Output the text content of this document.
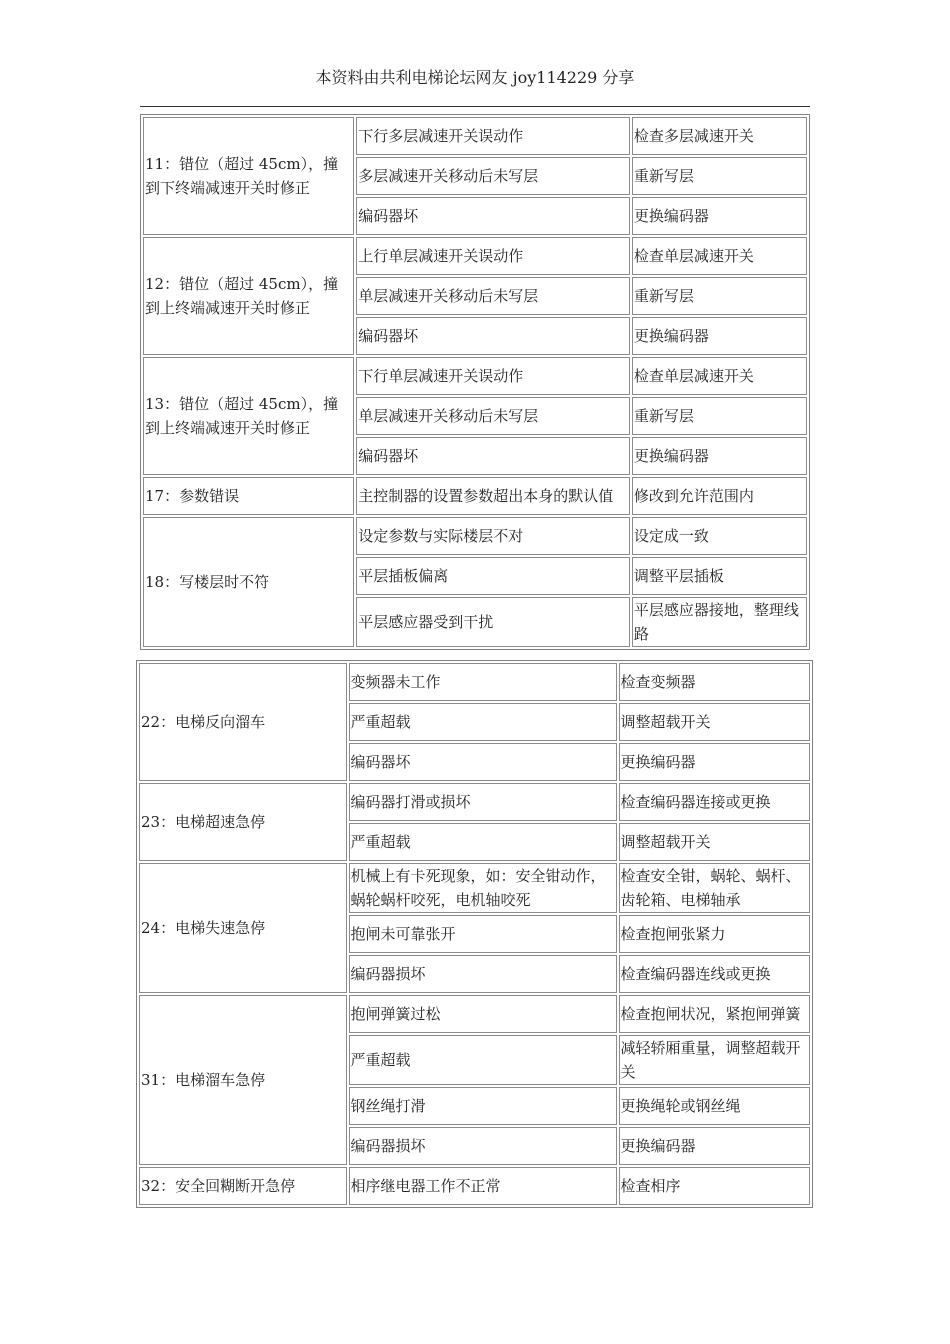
本资料由共利电梯论坛网友 joy114229 分享
11：错位（超过 45cm），撞到下终端减速开关时修正	下行多层减速开关误动作	检查多层减速开关
	多层减速开关移动后未写层	重新写层
	编码器坏	更换编码器
12：错位（超过 45cm），撞到上终端减速开关时修正	上行单层减速开关误动作	检查单层减速开关
	单层减速开关移动后未写层	重新写层
	编码器坏	更换编码器
13：错位（超过 45cm），撞到上终端减速开关时修正	下行单层减速开关误动作	检查单层减速开关
	单层减速开关移动后未写层	重新写层
	编码器坏	更换编码器
17：参数错误	主控制器的设置参数超出本身的默认值	修改到允许范围内
18：写楼层时不符	设定参数与实际楼层不对	设定成一致
	平层插板偏离	调整平层插板
	平层感应器受到干扰	平层感应器接地，整理线路
22：电梯反向溜车	变频器未工作	检查变频器
	严重超载	调整超载开关
	编码器坏	更换编码器
23：电梯超速急停	编码器打滑或损坏	检查编码器连接或更换
	严重超载	调整超载开关
24：电梯失速急停	机械上有卡死现象，如：安全钳动作，蜗轮蜗杆咬死，电机轴咬死	检查安全钳，蜗轮、蜗杆、齿轮箱、电梯轴承
	抱闸未可靠张开	检查抱闸张紧力
	编码器损坏	检查编码器连线或更换
31：电梯溜车急停	抱闸弹簧过松	检查抱闸状况，紧抱闸弹簧
	严重超载	减轻轿厢重量，调整超载开关
	钢丝绳打滑	更换绳轮或钢丝绳
	编码器损坏	更换编码器
32：安全回糊断开急停	相序继电器工作不正常	检查相序
